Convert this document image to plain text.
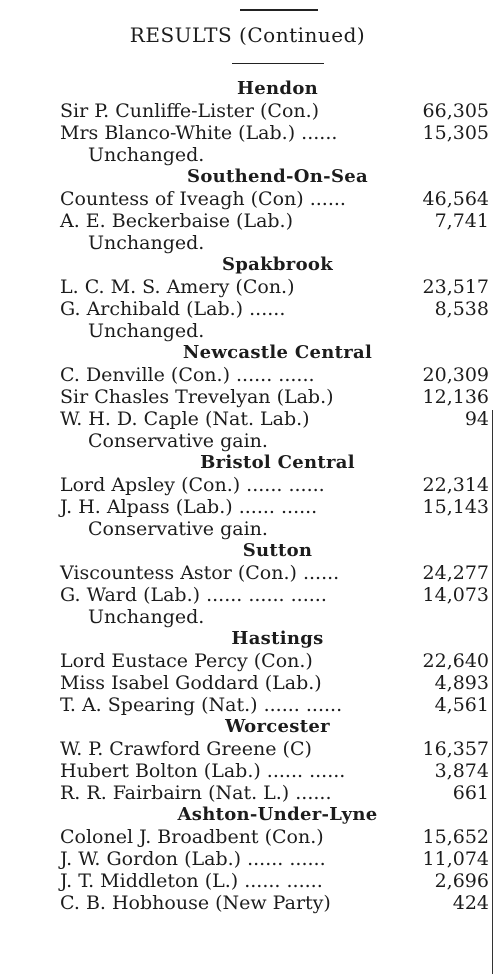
RESULTS (Continued)
Hendon
Sir P. Cunliffe-Lister (Con.)	66,305
Mrs Blanco-White (Lab.) ......	15,305
Unchanged.
Southend-On-Sea
Countess of Iveagh (Con) ......	46,564
A. E. Beckerbaise (Lab.)	7,741
Unchanged.
Spakbrook
L. C. M. S. Amery (Con.)	23,517
G. Archibald (Lab.) ......	8,538
Unchanged.
Newcastle Central
C. Denville (Con.) ...... ......	20,309
Sir Chasles Trevelyan (Lab.)	12,136
W. H. D. Caple (Nat. Lab.)	94
Conservative gain.
Bristol Central
Lord Apsley (Con.) ...... ......	22,314
J. H. Alpass (Lab.) ...... ......	15,143
Conservative gain.
Sutton
Viscountess Astor (Con.) ......	24,277
G. Ward (Lab.) ...... ...... ......	14,073
Unchanged.
Hastings
Lord Eustace Percy (Con.)	22,640
Miss Isabel Goddard (Lab.)	4,893
T. A. Spearing (Nat.) ...... ......	4,561
Worcester
W. P. Crawford Greene (C)	16,357
Hubert Bolton (Lab.) ...... ......	3,874
R. R. Fairbairn (Nat. L.) ......	661
Ashton-Under-Lyne
Colonel J. Broadbent (Con.)	15,652
J. W. Gordon (Lab.) ...... ......	11,074
J. T. Middleton (L.) ...... ......	2,696
C. B. Hobhouse (New Party)	424
